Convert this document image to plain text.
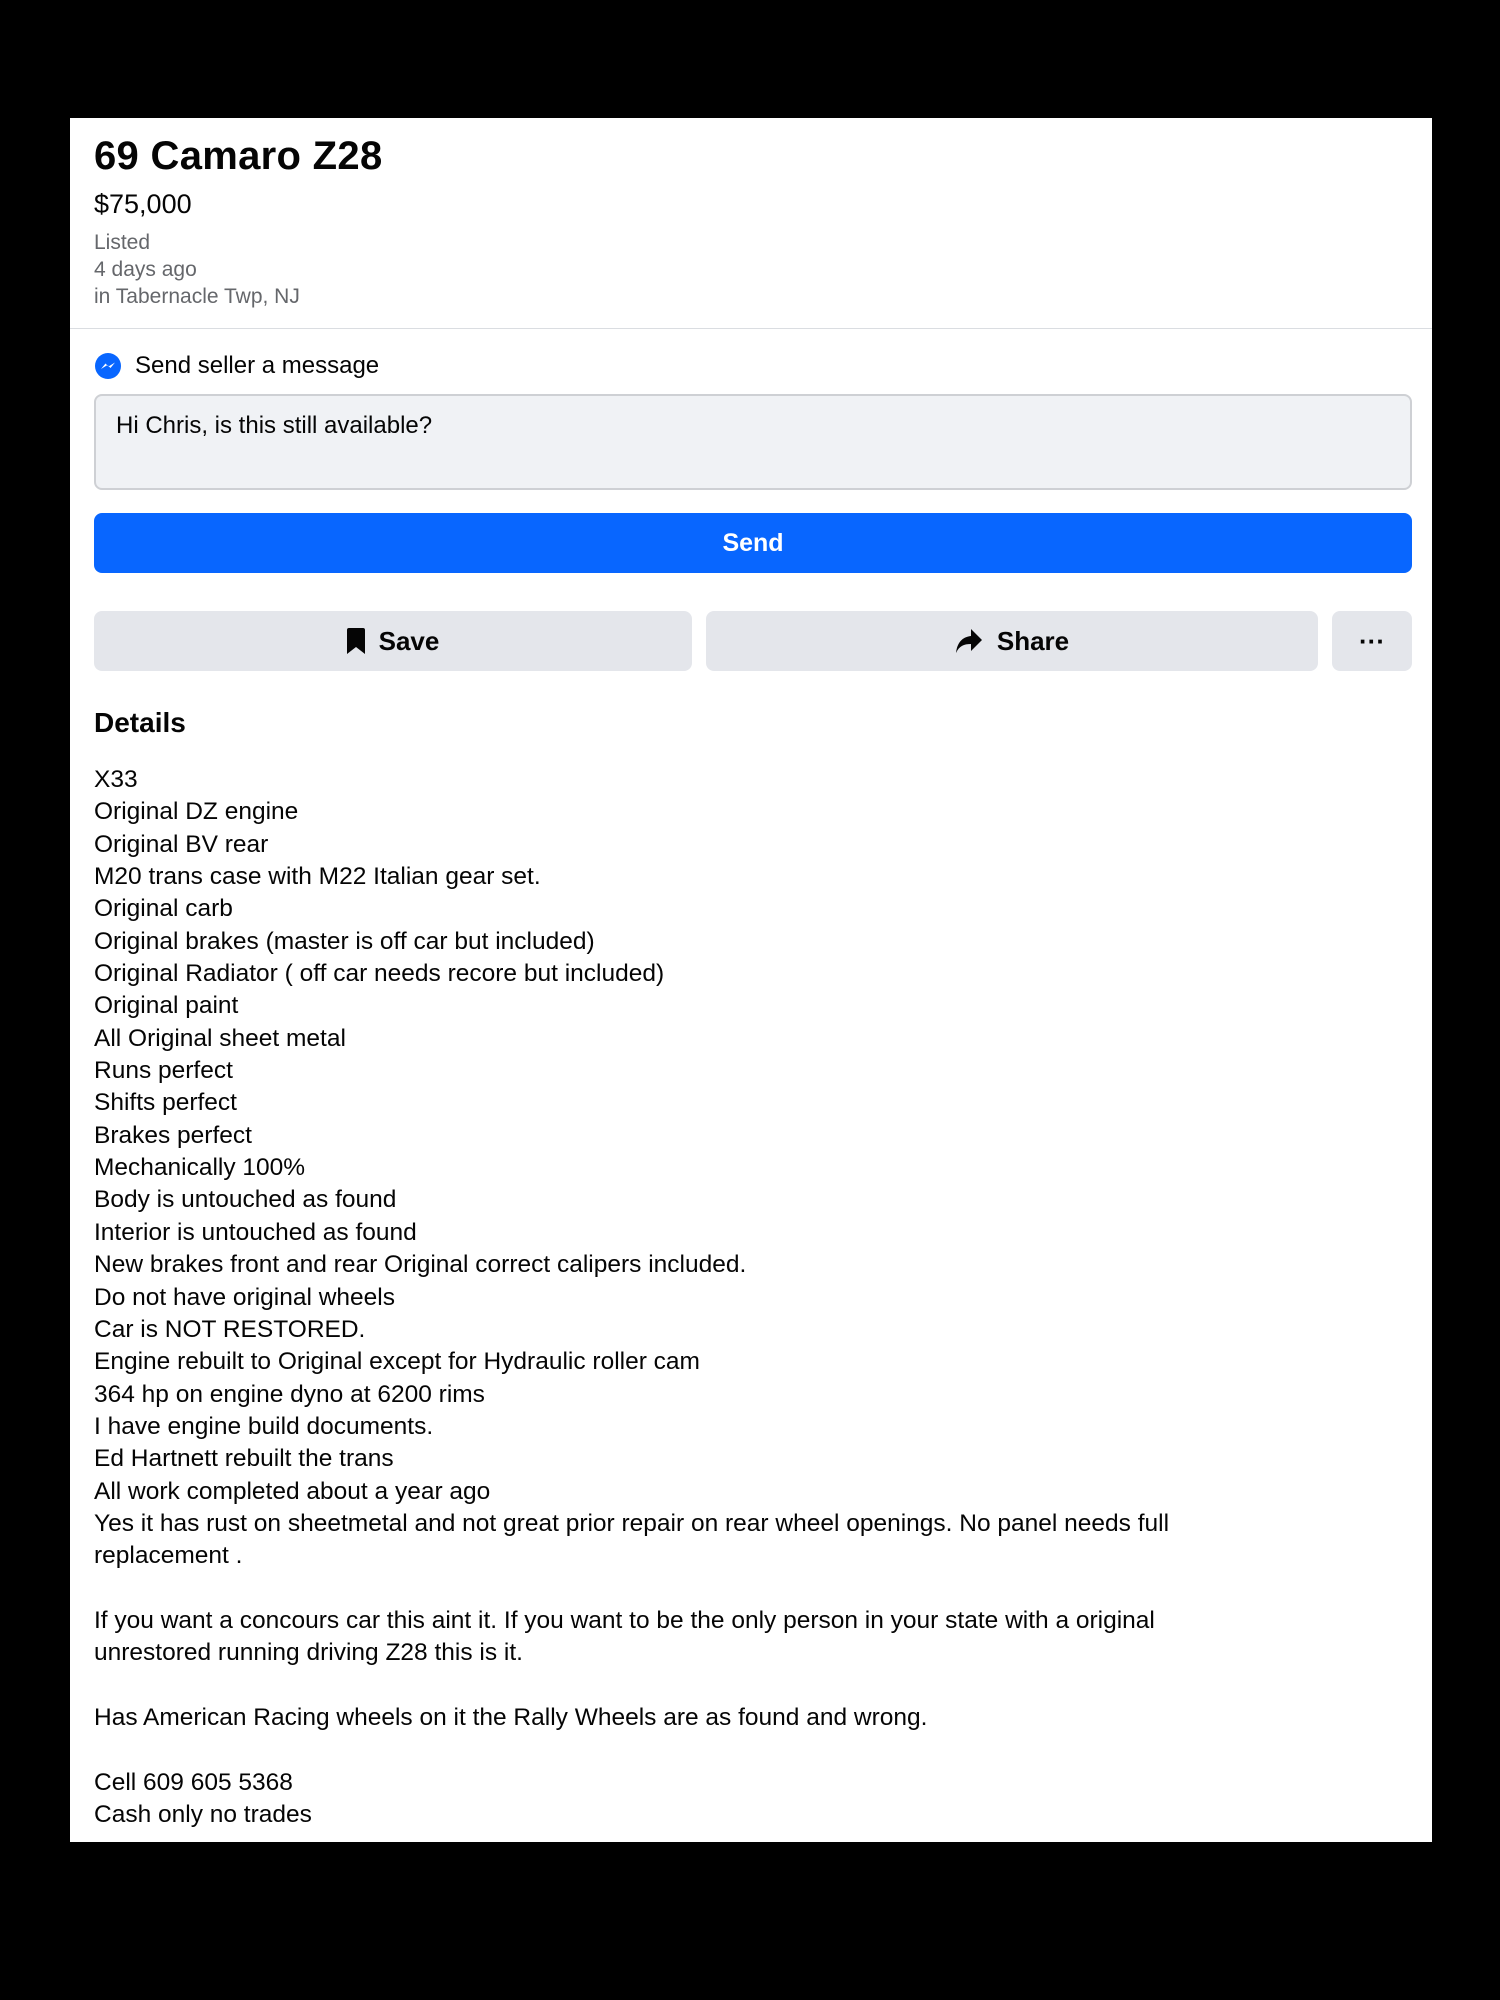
69 Camaro Z28
$75,000
Listed
4 days ago
in Tabernacle Twp, NJ
Send seller a message
Hi Chris, is this still available?
Send
Save	Share	···
Details
X33
Original DZ engine
Original BV rear
M20 trans case with M22 Italian gear set.
Original carb
Original brakes (master is off car but included)
Original Radiator ( off car needs recore but included)
Original paint
All Original sheet metal
Runs perfect
Shifts perfect
Brakes perfect
Mechanically 100%
Body is untouched as found
Interior is untouched as found
New brakes front and rear Original correct calipers included.
Do not have original wheels
Car is NOT RESTORED.
Engine rebuilt to Original except for Hydraulic roller cam
364 hp on engine dyno at 6200 rims
I have engine build documents.
Ed Hartnett rebuilt the trans
All work completed about a year ago
Yes it has rust on sheetmetal and not great prior repair on rear wheel openings. No panel needs full
replacement .

If you want a concours car this aint it. If you want to be the only person in your state with a original
unrestored running driving Z28 this is it.

Has American Racing wheels on it the Rally Wheels are as found and wrong.

Cell 609 605 5368
Cash only no trades
